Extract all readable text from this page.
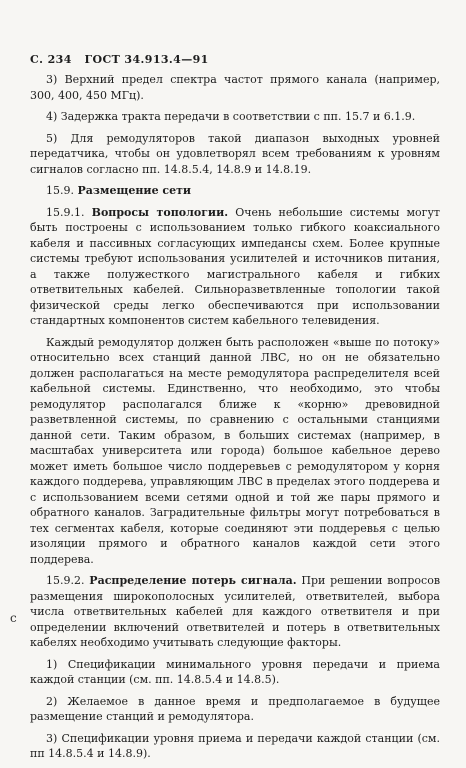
С. 234 ГОСТ 34.913.4—91

3) Верхний предел спектра частот прямого канала (например, 300, 400, 450 МГц).

4) Задержка тракта передачи в соответствии с пп. 15.7 и 6.1.9.

5) Для ремодуляторов такой диапазон выходных уровней передатчика, чтобы он удовлетворял всем требованиям к уровням сигналов согласно пп. 14.8.5.4, 14.8.9 и 14.8.19.

15.9. Размещение сети

15.9.1. Вопросы топологии. Очень небольшие системы могут быть построены с использованием только гибкого коаксиального кабеля и пассивных согласующих импедансы схем. Более крупные системы требуют использования усилителей и источников питания, а также полужесткого магистрального кабеля и гибких ответвительных кабелей. Сильноразветвленные топологии такой физической среды легко обеспечиваются при использовании стандартных компонентов систем кабельного телевидения.

Каждый ремодулятор должен быть расположен «выше по потоку» относительно всех станций данной ЛВС, но он не обязательно должен располагаться на месте ремодулятора распределителя всей кабельной системы. Единственно, что необходимо, это чтобы ремодулятор располагался ближе к «корню» древовидной разветвленной системы, по сравнению с остальными станциями данной сети. Таким образом, в больших системах (например, в масштабах университета или города) большое кабельное дерево может иметь большое число поддеревьев с ремодулятором у корня каждого поддерева, управляющим ЛВС в пределах этого поддерева и с использованием всеми сетями одной и той же пары прямого и обратного каналов. Заградительные фильтры могут потребоваться в тех сегментах кабеля, которые соединяют эти поддеревья с целью изоляции прямого и обратного каналов каждой сети этого поддерева.

15.9.2. Распределение потерь сигнала. При решении вопросов размещения широкополосных усилителей, ответвителей, выбора числа ответвительных кабелей для каждого ответвителя и при определении включений ответвителей и потерь в ответвительных кабелях необходимо учитывать следующие факторы.

1) Спецификации минимального уровня передачи и приема каждой станции (см. пп. 14.8.5.4 и 14.8.5).

2) Желаемое в данное время и предполагаемое в будущее размещение станций и ремодулятора.

3) Спецификации уровня приема и передачи каждой станции (см. пп 14.8.5.4 и 14.8.9).

с
